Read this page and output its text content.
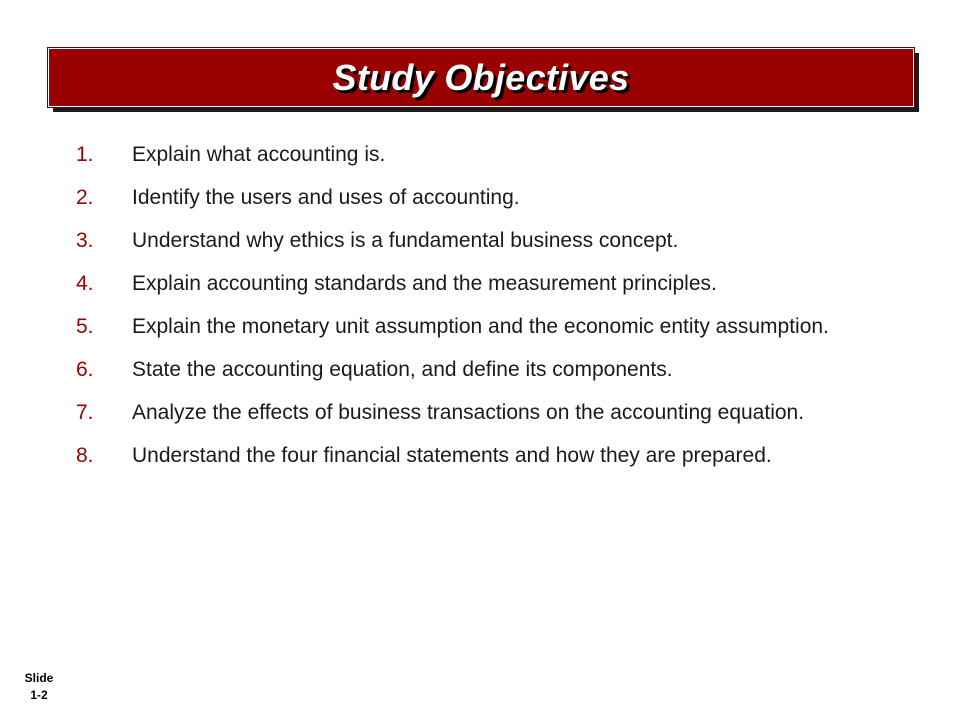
Study Objectives
1.	Explain what accounting is.
2.	Identify the users and uses of accounting.
3.	Understand why ethics is a fundamental business concept.
4.	Explain accounting standards and the measurement principles.
5.	Explain the monetary unit assumption and the economic entity assumption.
6.	State the accounting equation, and define its components.
7.	Analyze the effects of business transactions on the accounting equation.
8.	Understand the four financial statements and how they are prepared.
Slide
1-2
